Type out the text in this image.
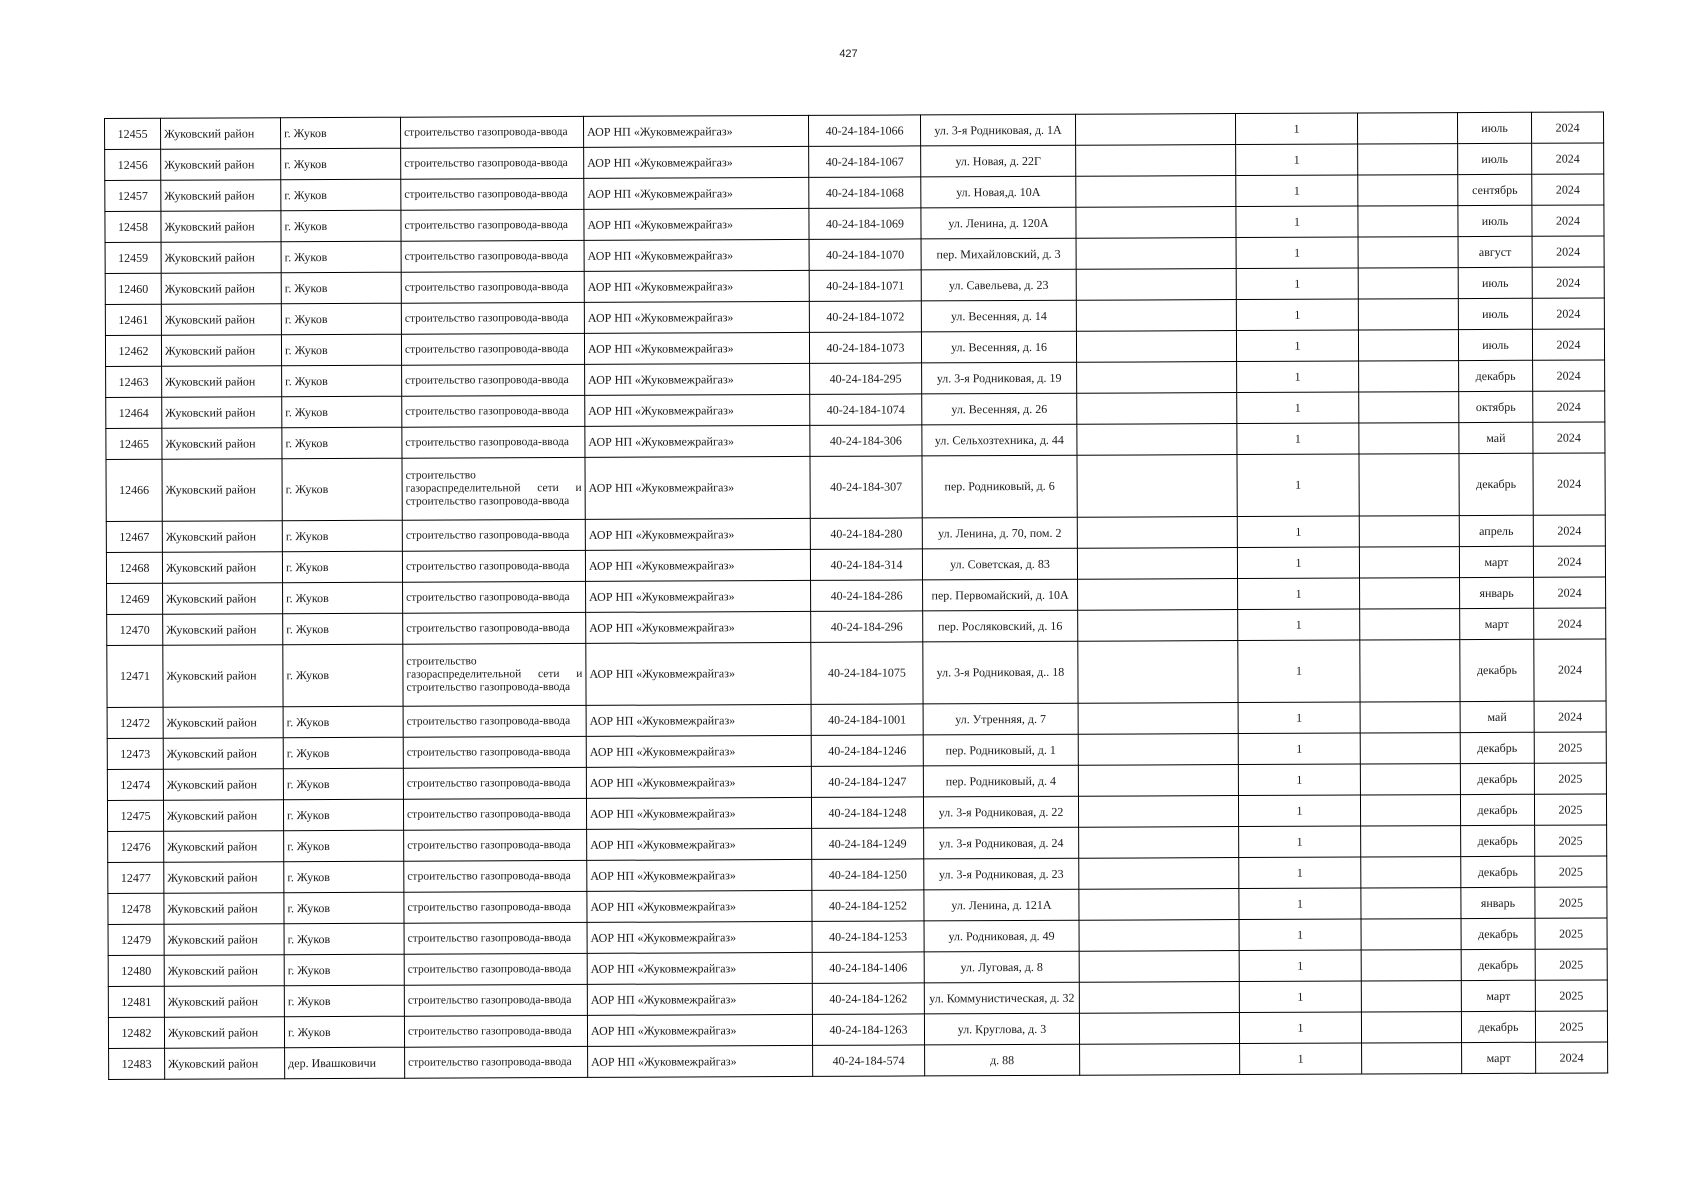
427
12455	Жуковский район	г. Жуков	строительство газопровода-ввода	АОР НП «Жуковмежрайгаз»	40-24-184-1066	ул. 3-я Родниковая, д. 1А		1		июль	2024
12456	Жуковский район	г. Жуков	строительство газопровода-ввода	АОР НП «Жуковмежрайгаз»	40-24-184-1067	ул. Новая, д. 22Г		1		июль	2024
12457	Жуковский район	г. Жуков	строительство газопровода-ввода	АОР НП «Жуковмежрайгаз»	40-24-184-1068	ул. Новая,д. 10А		1		сентябрь	2024
12458	Жуковский район	г. Жуков	строительство газопровода-ввода	АОР НП «Жуковмежрайгаз»	40-24-184-1069	ул. Ленина, д. 120А		1		июль	2024
12459	Жуковский район	г. Жуков	строительство газопровода-ввода	АОР НП «Жуковмежрайгаз»	40-24-184-1070	пер. Михайловский, д. 3		1		август	2024
12460	Жуковский район	г. Жуков	строительство газопровода-ввода	АОР НП «Жуковмежрайгаз»	40-24-184-1071	ул. Савельева, д. 23		1		июль	2024
12461	Жуковский район	г. Жуков	строительство газопровода-ввода	АОР НП «Жуковмежрайгаз»	40-24-184-1072	ул. Весенняя, д. 14		1		июль	2024
12462	Жуковский район	г. Жуков	строительство газопровода-ввода	АОР НП «Жуковмежрайгаз»	40-24-184-1073	ул. Весенняя, д. 16		1		июль	2024
12463	Жуковский район	г. Жуков	строительство газопровода-ввода	АОР НП «Жуковмежрайгаз»	40-24-184-295	ул. 3-я Родниковая, д. 19		1		декабрь	2024
12464	Жуковский район	г. Жуков	строительство газопровода-ввода	АОР НП «Жуковмежрайгаз»	40-24-184-1074	ул. Весенняя, д. 26		1		октябрь	2024
12465	Жуковский район	г. Жуков	строительство газопровода-ввода	АОР НП «Жуковмежрайгаз»	40-24-184-306	ул. Сельхозтехника, д. 44		1		май	2024
12466	Жуковский район	г. Жуков	строительство газораспределительной сети и строительство газопровода-ввода	АОР НП «Жуковмежрайгаз»	40-24-184-307	пер. Родниковый, д. 6		1		декабрь	2024
12467	Жуковский район	г. Жуков	строительство газопровода-ввода	АОР НП «Жуковмежрайгаз»	40-24-184-280	ул. Ленина, д. 70, пом. 2		1		апрель	2024
12468	Жуковский район	г. Жуков	строительство газопровода-ввода	АОР НП «Жуковмежрайгаз»	40-24-184-314	ул. Советская, д. 83		1		март	2024
12469	Жуковский район	г. Жуков	строительство газопровода-ввода	АОР НП «Жуковмежрайгаз»	40-24-184-286	пер. Первомайский, д. 10А		1		январь	2024
12470	Жуковский район	г. Жуков	строительство газопровода-ввода	АОР НП «Жуковмежрайгаз»	40-24-184-296	пер. Росляковский, д. 16		1		март	2024
12471	Жуковский район	г. Жуков	строительство газораспределительной сети и строительство газопровода-ввода	АОР НП «Жуковмежрайгаз»	40-24-184-1075	ул. 3-я Родниковая, д.. 18		1		декабрь	2024
12472	Жуковский район	г. Жуков	строительство газопровода-ввода	АОР НП «Жуковмежрайгаз»	40-24-184-1001	ул. Утренняя, д. 7		1		май	2024
12473	Жуковский район	г. Жуков	строительство газопровода-ввода	АОР НП «Жуковмежрайгаз»	40-24-184-1246	пер. Родниковый, д. 1		1		декабрь	2025
12474	Жуковский район	г. Жуков	строительство газопровода-ввода	АОР НП «Жуковмежрайгаз»	40-24-184-1247	пер. Родниковый, д. 4		1		декабрь	2025
12475	Жуковский район	г. Жуков	строительство газопровода-ввода	АОР НП «Жуковмежрайгаз»	40-24-184-1248	ул. 3-я Родниковая, д. 22		1		декабрь	2025
12476	Жуковский район	г. Жуков	строительство газопровода-ввода	АОР НП «Жуковмежрайгаз»	40-24-184-1249	ул. 3-я Родниковая, д. 24		1		декабрь	2025
12477	Жуковский район	г. Жуков	строительство газопровода-ввода	АОР НП «Жуковмежрайгаз»	40-24-184-1250	ул. 3-я Родниковая, д. 23		1		декабрь	2025
12478	Жуковский район	г. Жуков	строительство газопровода-ввода	АОР НП «Жуковмежрайгаз»	40-24-184-1252	ул. Ленина, д. 121А		1		январь	2025
12479	Жуковский район	г. Жуков	строительство газопровода-ввода	АОР НП «Жуковмежрайгаз»	40-24-184-1253	ул. Родниковая, д. 49		1		декабрь	2025
12480	Жуковский район	г. Жуков	строительство газопровода-ввода	АОР НП «Жуковмежрайгаз»	40-24-184-1406	ул. Луговая, д. 8		1		декабрь	2025
12481	Жуковский район	г. Жуков	строительство газопровода-ввода	АОР НП «Жуковмежрайгаз»	40-24-184-1262	ул. Коммунистическая, д. 32		1		март	2025
12482	Жуковский район	г. Жуков	строительство газопровода-ввода	АОР НП «Жуковмежрайгаз»	40-24-184-1263	ул. Круглова, д. 3		1		декабрь	2025
12483	Жуковский район	дер. Ивашковичи	строительство газопровода-ввода	АОР НП «Жуковмежрайгаз»	40-24-184-574	д. 88		1		март	2024
